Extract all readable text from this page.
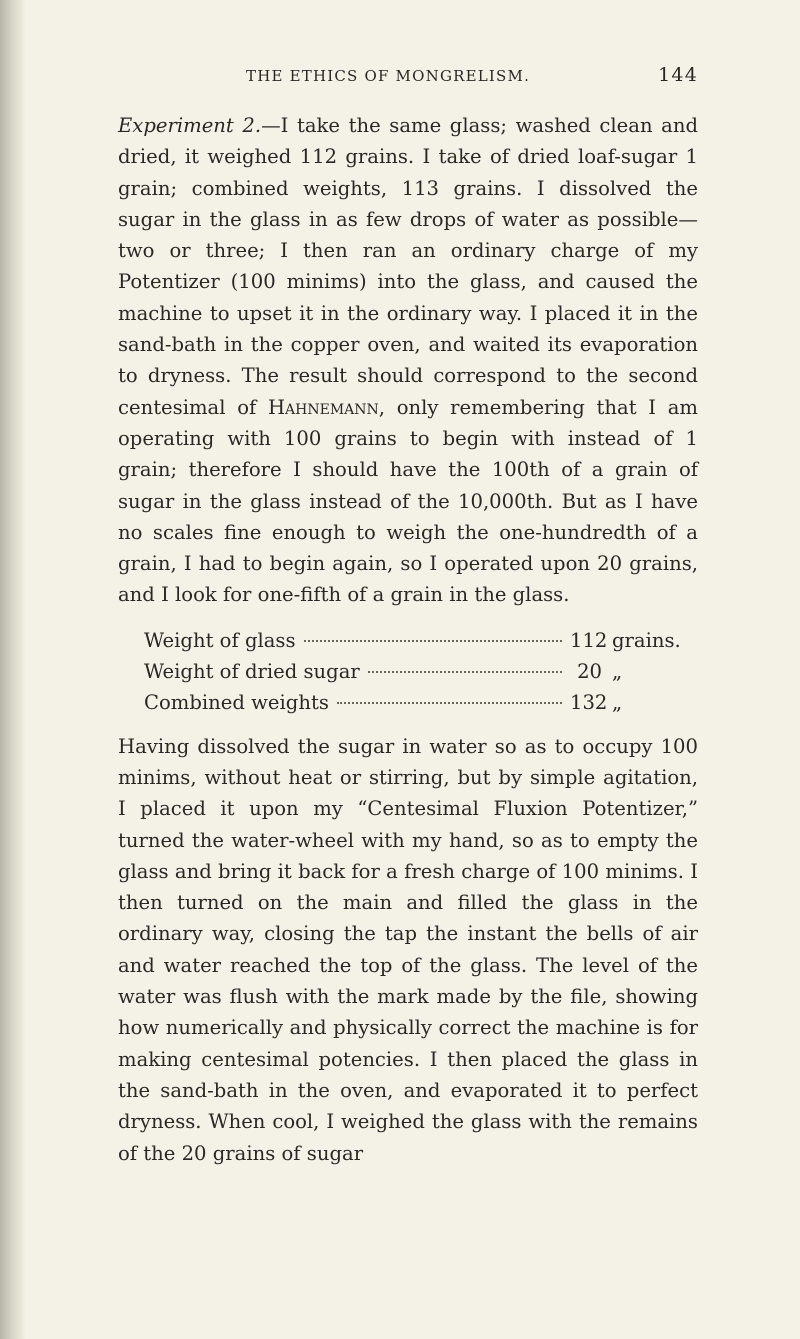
THE ETHICS OF MONGRELISM.	144

Experiment 2.—I take the same glass; washed clean and dried, it weighed 112 grains. I take of dried loaf-sugar 1 grain; combined weights, 113 grains. I dissolved the sugar in the glass in as few drops of water as possible—two or three; I then ran an ordinary charge of my Potentizer (100 minims) into the glass, and caused the machine to upset it in the ordinary way. I placed it in the sand-bath in the copper oven, and waited its evaporation to dryness. The result should correspond to the second centesimal of Hahnemann, only remembering that I am operating with 100 grains to begin with instead of 1 grain; therefore I should have the 100th of a grain of sugar in the glass instead of the 10,000th. But as I have no scales fine enough to weigh the one-hundredth of a grain, I had to begin again, so I operated upon 20 grains, and I look for one-fifth of a grain in the glass.

Weight of glass	112 grains.
Weight of dried sugar	20 „
Combined weights	132 „

Having dissolved the sugar in water so as to occupy 100 minims, without heat or stirring, but by simple agitation, I placed it upon my “Centesimal Fluxion Potentizer,” turned the water-wheel with my hand, so as to empty the glass and bring it back for a fresh charge of 100 minims. I then turned on the main and filled the glass in the ordinary way, closing the tap the instant the bells of air and water reached the top of the glass. The level of the water was flush with the mark made by the file, showing how numerically and physically correct the machine is for making centesimal potencies. I then placed the glass in the sand-bath in the oven, and evaporated it to perfect dryness. When cool, I weighed the glass with the remains of the 20 grains of sugar
